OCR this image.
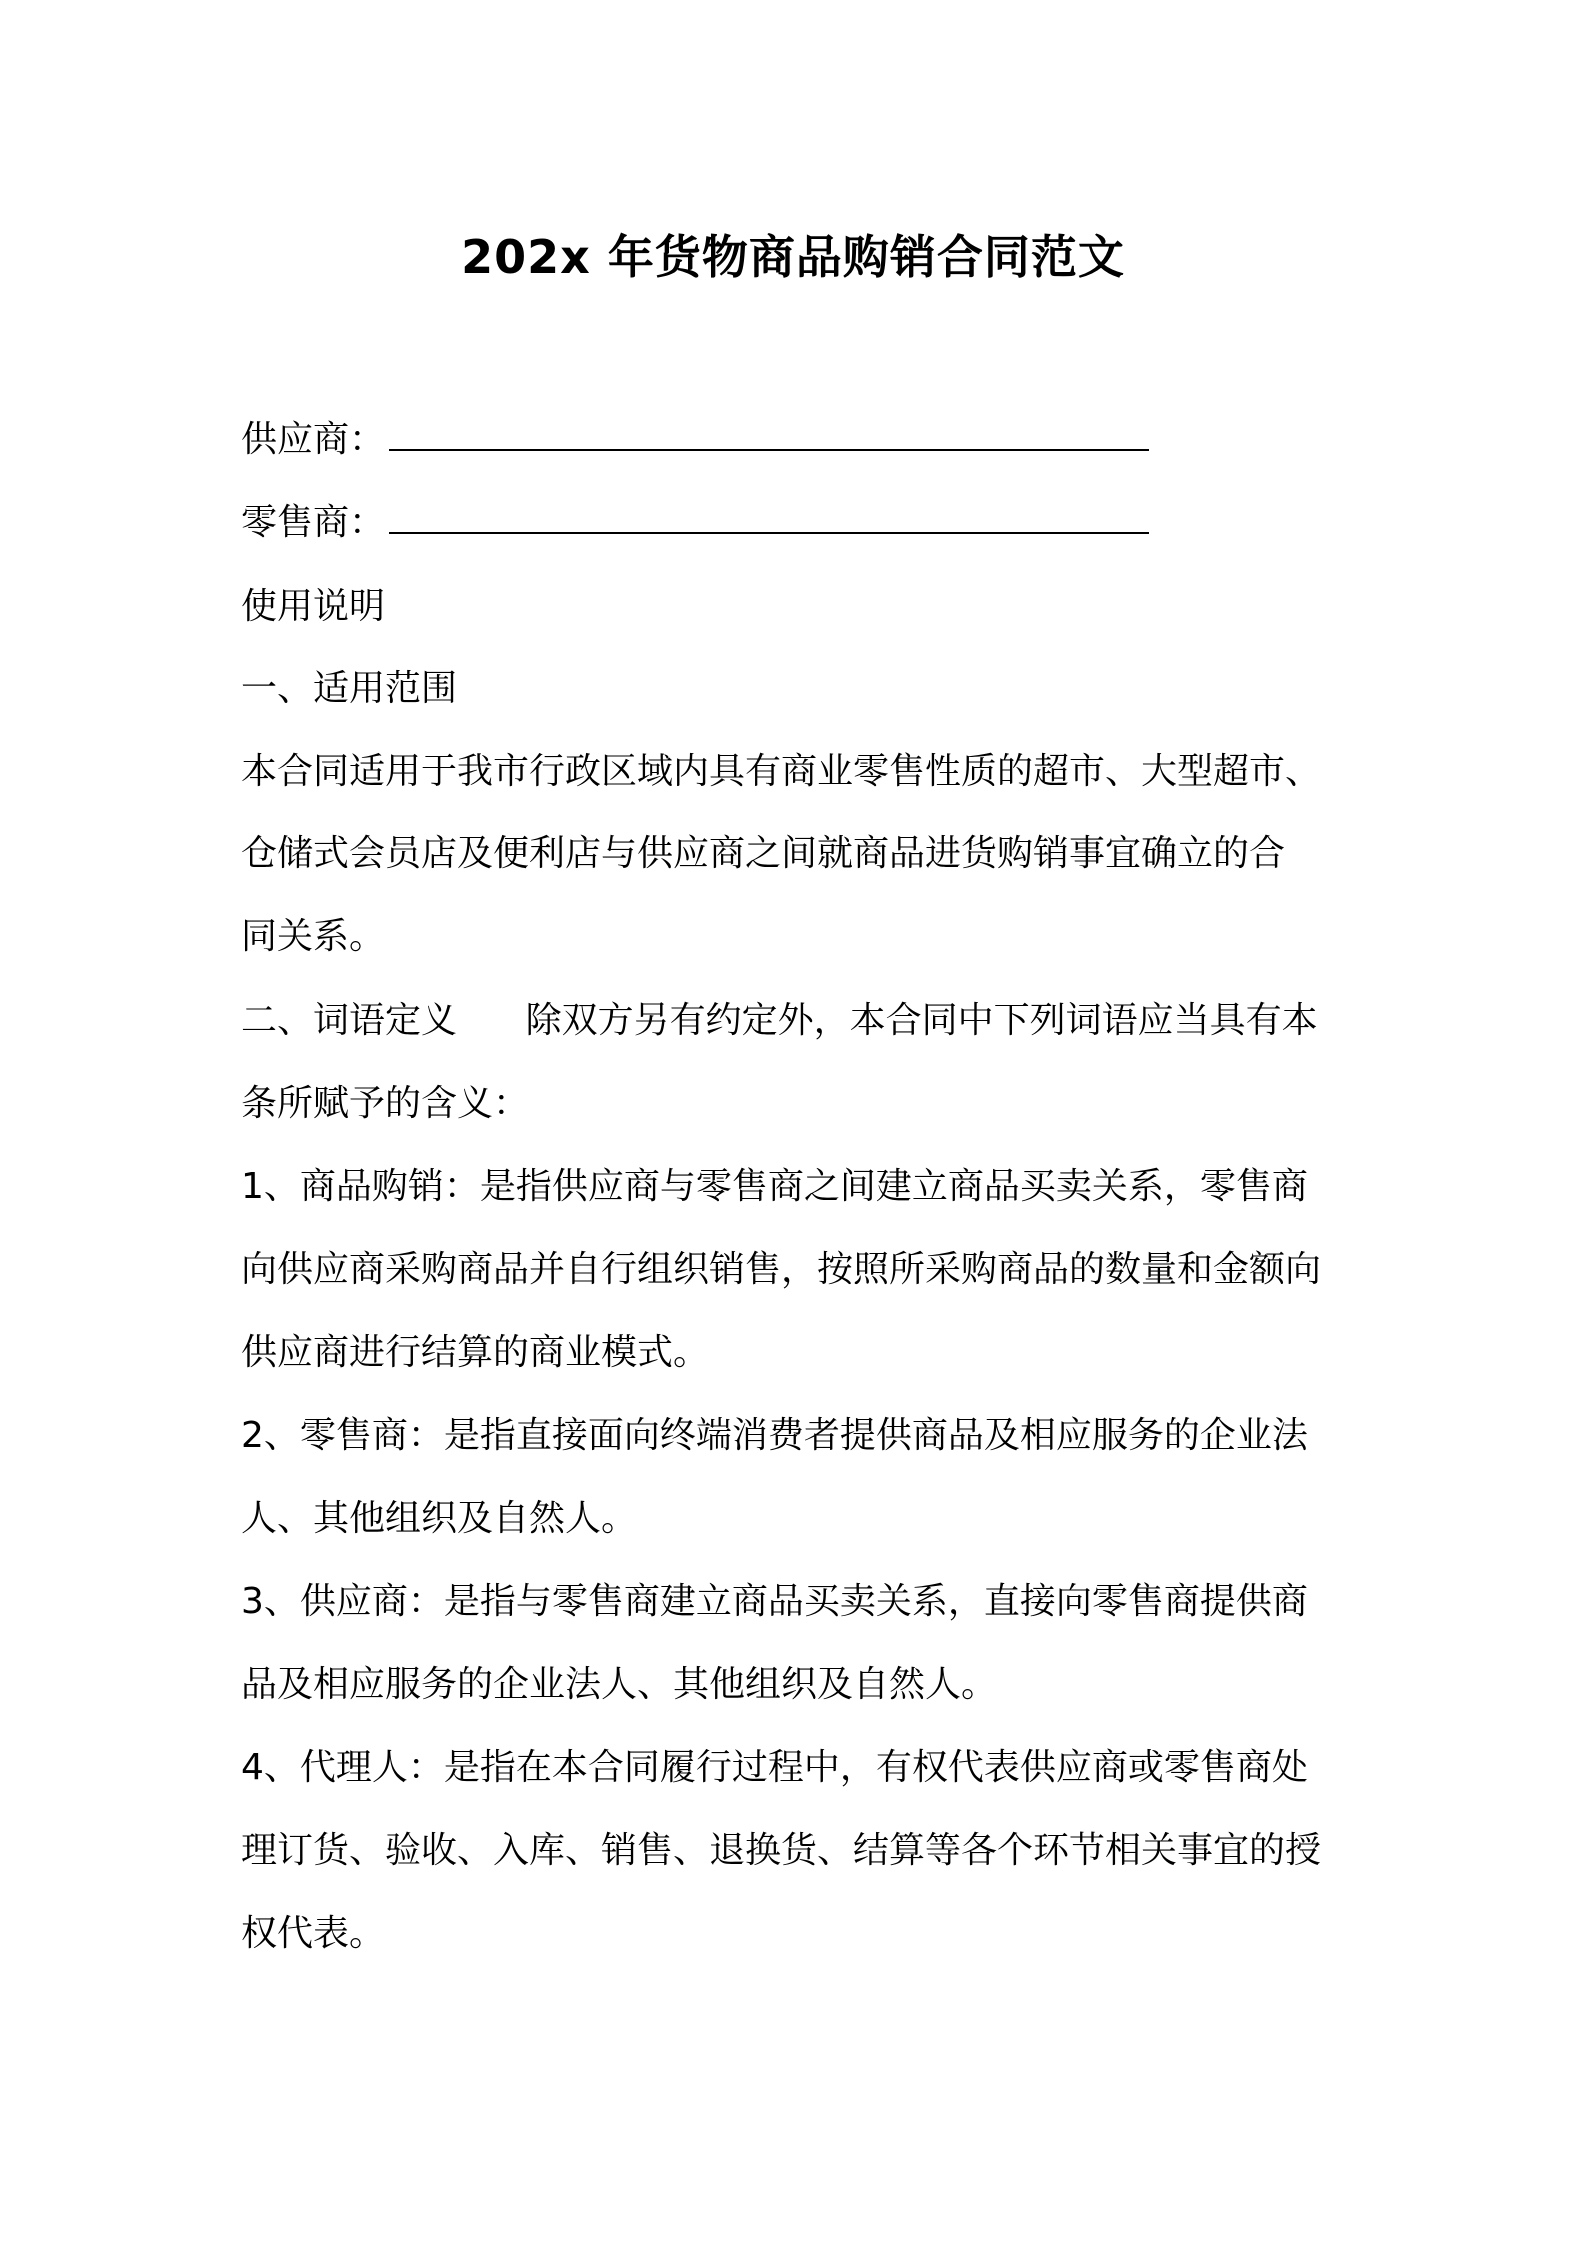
202x 年货物商品购销合同范文
供应商：
零售商：
使用说明
一、适用范围
本合同适用于我市行政区域内具有商业零售性质的超市、大型超市、
仓储式会员店及便利店与供应商之间就商品进货购销事宜确立的合
同关系。
二、词语定义      除双方另有约定外，本合同中下列词语应当具有本
条所赋予的含义：
1、商品购销：是指供应商与零售商之间建立商品买卖关系，零售商
向供应商采购商品并自行组织销售，按照所采购商品的数量和金额向
供应商进行结算的商业模式。
2、零售商：是指直接面向终端消费者提供商品及相应服务的企业法
人、其他组织及自然人。
3、供应商：是指与零售商建立商品买卖关系，直接向零售商提供商
品及相应服务的企业法人、其他组织及自然人。
4、代理人：是指在本合同履行过程中，有权代表供应商或零售商处
理订货、验收、入库、销售、退换货、结算等各个环节相关事宜的授
权代表。
